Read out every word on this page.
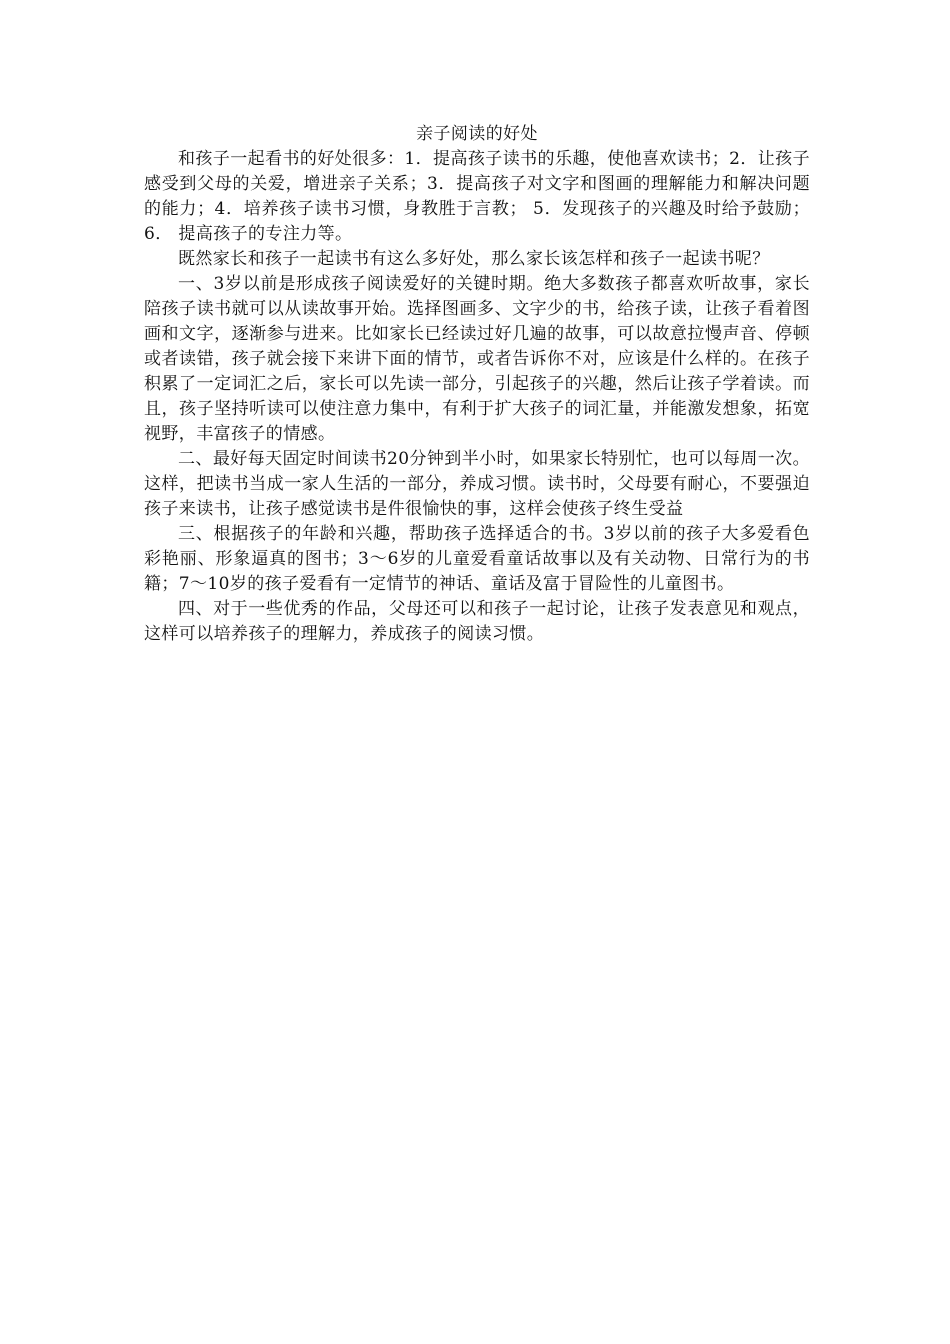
亲子阅读的好处

和孩子一起看书的好处很多：1．提高孩子读书的乐趣，使他喜欢读书；2．让孩子感受到父母的关爱，增进亲子关系；3．提高孩子对文字和图画的理解能力和解决问题的能力；4．培养孩子读书习惯，身教胜于言教； 5．发现孩子的兴趣及时给予鼓励； 6． 提高孩子的专注力等。

既然家长和孩子一起读书有这么多好处，那么家长该怎样和孩子一起读书呢？

一、3岁以前是形成孩子阅读爱好的关键时期。绝大多数孩子都喜欢听故事，家长陪孩子读书就可以从读故事开始。选择图画多、文字少的书，给孩子读，让孩子看着图画和文字，逐渐参与进来。比如家长已经读过好几遍的故事，可以故意拉慢声音、停顿或者读错，孩子就会接下来讲下面的情节，或者告诉你不对，应该是什么样的。在孩子积累了一定词汇之后，家长可以先读一部分，引起孩子的兴趣，然后让孩子学着读。而且，孩子坚持听读可以使注意力集中，有利于扩大孩子的词汇量，并能激发想象，拓宽视野，丰富孩子的情感。

二、最好每天固定时间读书20分钟到半小时，如果家长特别忙，也可以每周一次。这样，把读书当成一家人生活的一部分，养成习惯。读书时，父母要有耐心，不要强迫孩子来读书，让孩子感觉读书是件很愉快的事，这样会使孩子终生受益

三、根据孩子的年龄和兴趣，帮助孩子选择适合的书。3岁以前的孩子大多爱看色彩艳丽、形象逼真的图书；3～6岁的儿童爱看童话故事以及有关动物、日常行为的书籍；7～10岁的孩子爱看有一定情节的神话、童话及富于冒险性的儿童图书。

四、对于一些优秀的作品，父母还可以和孩子一起讨论，让孩子发表意见和观点，这样可以培养孩子的理解力，养成孩子的阅读习惯。
